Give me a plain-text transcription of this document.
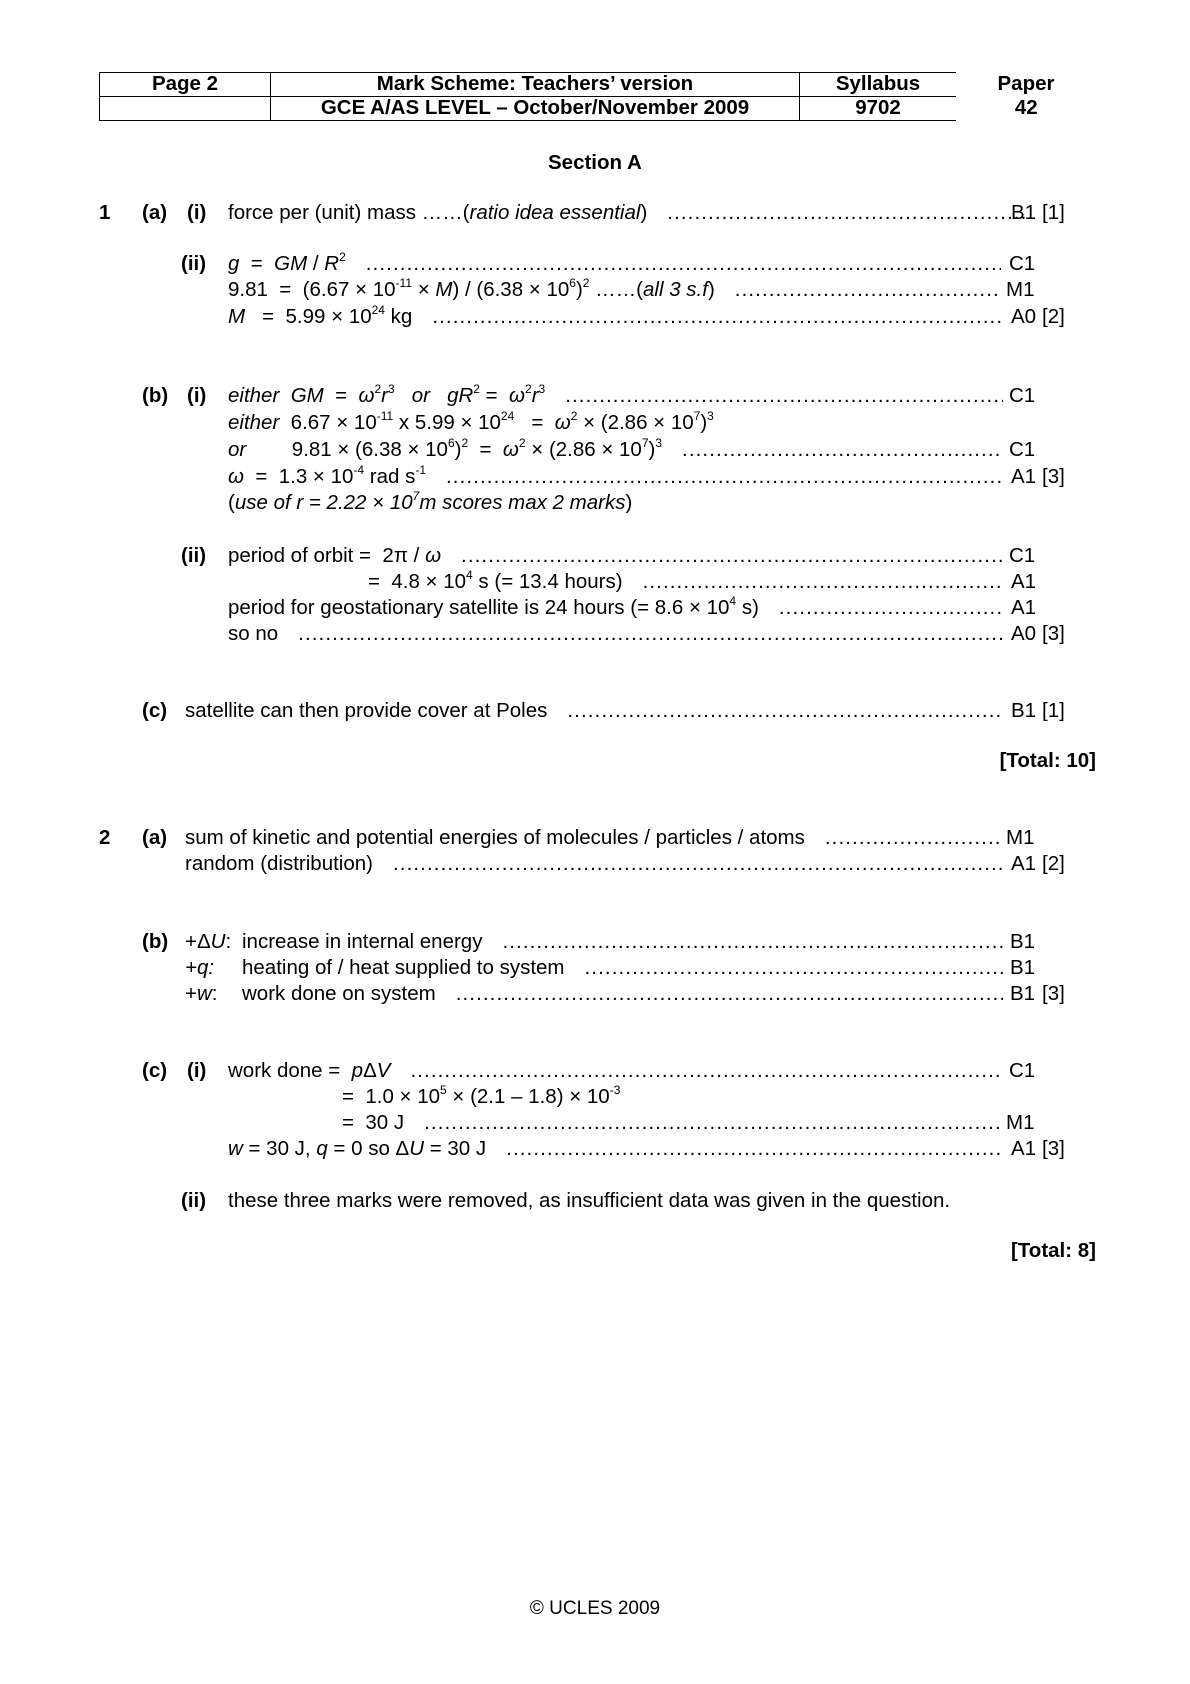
Page 2	Mark Scheme: Teachers’ version	Syllabus	Paper
	GCE A/AS LEVEL – October/November 2009	9702	42
Section A
1 (a) (i) force per (unit) mass ……(ratio idea essential) .....	B1 [1]
(ii) g  =  GM / $R^2$ .....	C1
$9.81 = (6.67 \times 10^{-11} \times M) / (6.38 \times 10^6)^2$ ……(all 3 s.f) .....	M1
$M = 5.99 \times 10^{24}$ kg .....	A0 [2]
(b) (i) either GM  =  $\omega^2r^3$ or $gR^2 = \omega^2r^3$ .....	C1
either  $6.67 \times 10^{-11}$ x $5.99 \times 10^{24} = \omega^2 \times (2.86 \times 10^7)^3$
or        $9.81 \times (6.38 \times 10^6)^2 = \omega^2 \times (2.86 \times 10^7)^3$ .....	C1
$\omega = 1.3 \times 10^{-4}$ rad $s^{-1}$ .....	A1 [3]
(use of $r = 2.22 \times 10^7m$ scores max 2 marks)
(ii) period of orbit =  2π / ω .....	C1
=  $4.8 \times 10^4$ s (= 13.4 hours) .....	A1
period for geostationary satellite is 24 hours (= $8.6 \times 10^4$ s) .....	A1
so no .....	A0 [3]
(c) satellite can then provide cover at Poles .....	B1 [1]
[Total: 10]
2 (a) sum of kinetic and potential energies of molecules / particles / atoms .....	M1
random (distribution) .....	A1 [2]
(b) +ΔU: increase in internal energy .....	B1
+q: heating of / heat supplied to system .....	B1
+w: work done on system .....	B1 [3]
(c) (i) work done = pΔV .....	C1
=  $1.0 \times 10^5 \times (2.1 - 1.8) \times 10^{-3}$
=  30 J .....	M1
w = 30 J, q = 0 so ΔU = 30 J .....	A1 [3]
(ii) these three marks were removed, as insufficient data was given in the question.
[Total: 8]
© UCLES 2009
